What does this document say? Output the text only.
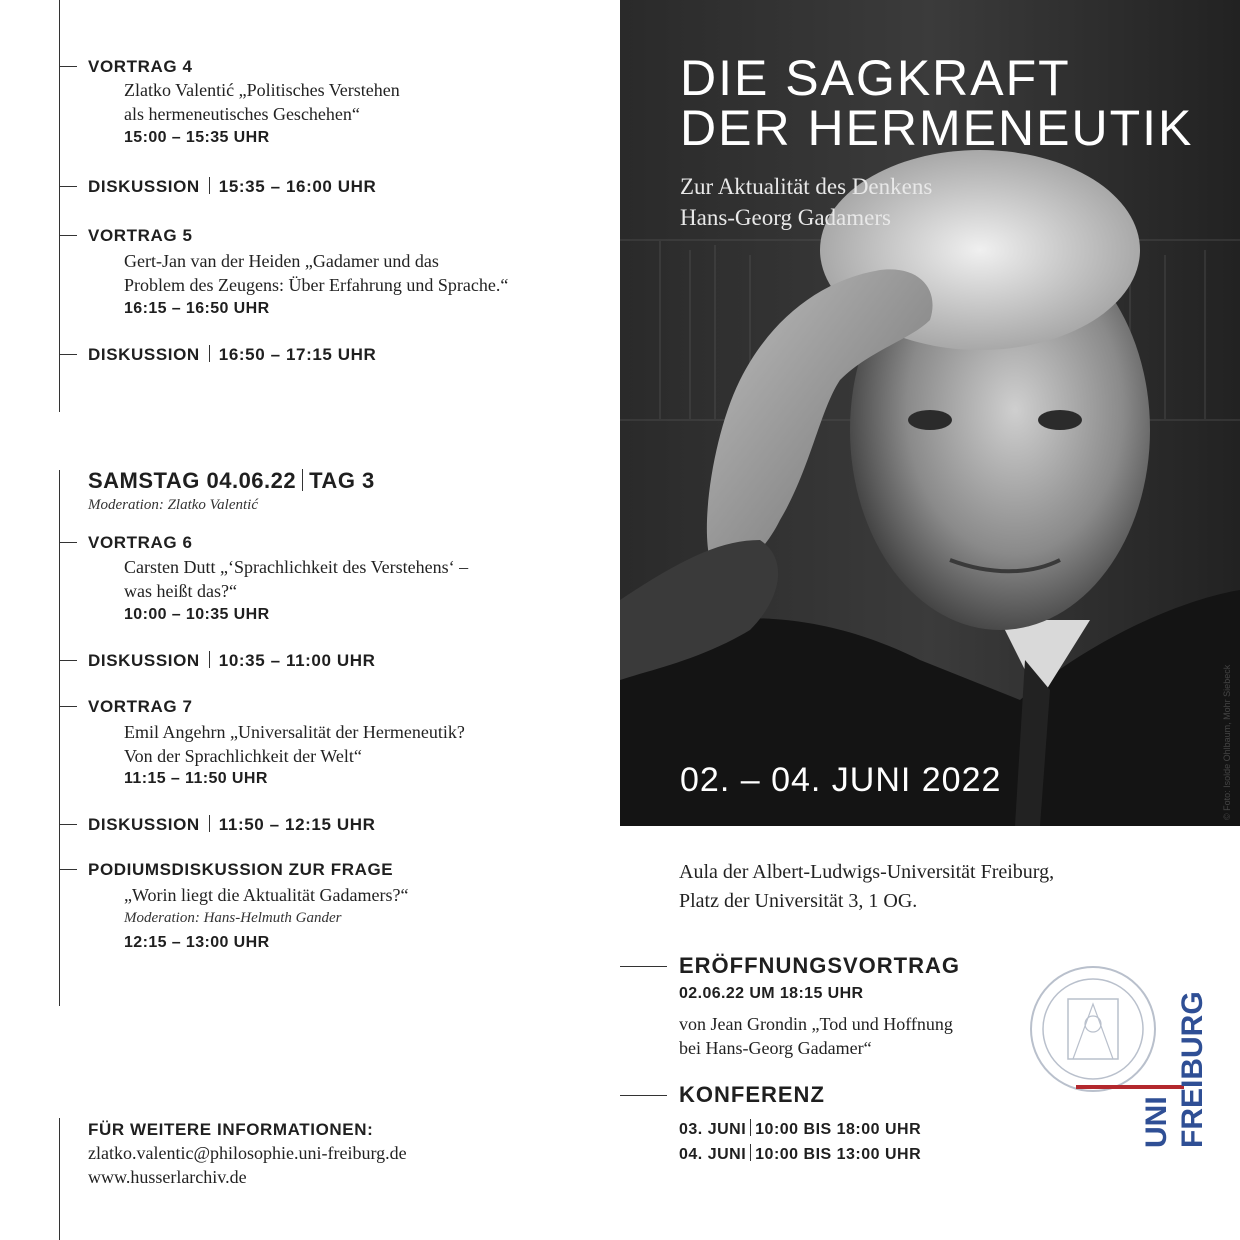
VORTRAG 4
Zlatko Valentić „Politisches Verstehen
als hermeneutisches Geschehen“
15:00 – 15:35 UHR
DISKUSSION 15:35 – 16:00 UHR
VORTRAG 5
Gert-Jan van der Heiden „Gadamer und das
Problem des Zeugens: Über Erfahrung und Sprache.“
16:15 – 16:50 UHR
DISKUSSION 16:50 – 17:15 UHR
SAMSTAG 04.06.22 TAG 3
Moderation: Zlatko Valentić
VORTRAG 6
Carsten Dutt „‘Sprachlichkeit des Verstehens‘ –
was heißt das?“
10:00 – 10:35 UHR
DISKUSSION 10:35 – 11:00 UHR
VORTRAG 7
Emil Angehrn „Universalität der Hermeneutik?
Von der Sprachlichkeit der Welt“
11:15 – 11:50 UHR
DISKUSSION 11:50 – 12:15 UHR
PODIUMSDISKUSSION ZUR FRAGE
„Worin liegt die Aktualität Gadamers?“
Moderation: Hans-Helmuth Gander
12:15 – 13:00 UHR
FÜR WEITERE INFORMATIONEN:
zlatko.valentic@philosophie.uni-freiburg.de
www.husserlarchiv.de
DIE SAGKRAFT
DER HERMENEUTIK
Zur Aktualität des Denkens
Hans-Georg Gadamers
02. – 04. JUNI 2022	© Foto: Isolde Ohlbaum, Mohr Siebeck
Aula der Albert-Ludwigs-Universität Freiburg,
Platz der Universität 3, 1 OG.
ERÖFFNUNGSVORTRAG
02.06.22 UM 18:15 UHR
von Jean Grondin „Tod und Hoffnung
bei Hans-Georg Gadamer“
KONFERENZ
03. JUNI 10:00 BIS 18:00 UHR
04. JUNI 10:00 BIS 13:00 UHR
FREIBURG
UNI
